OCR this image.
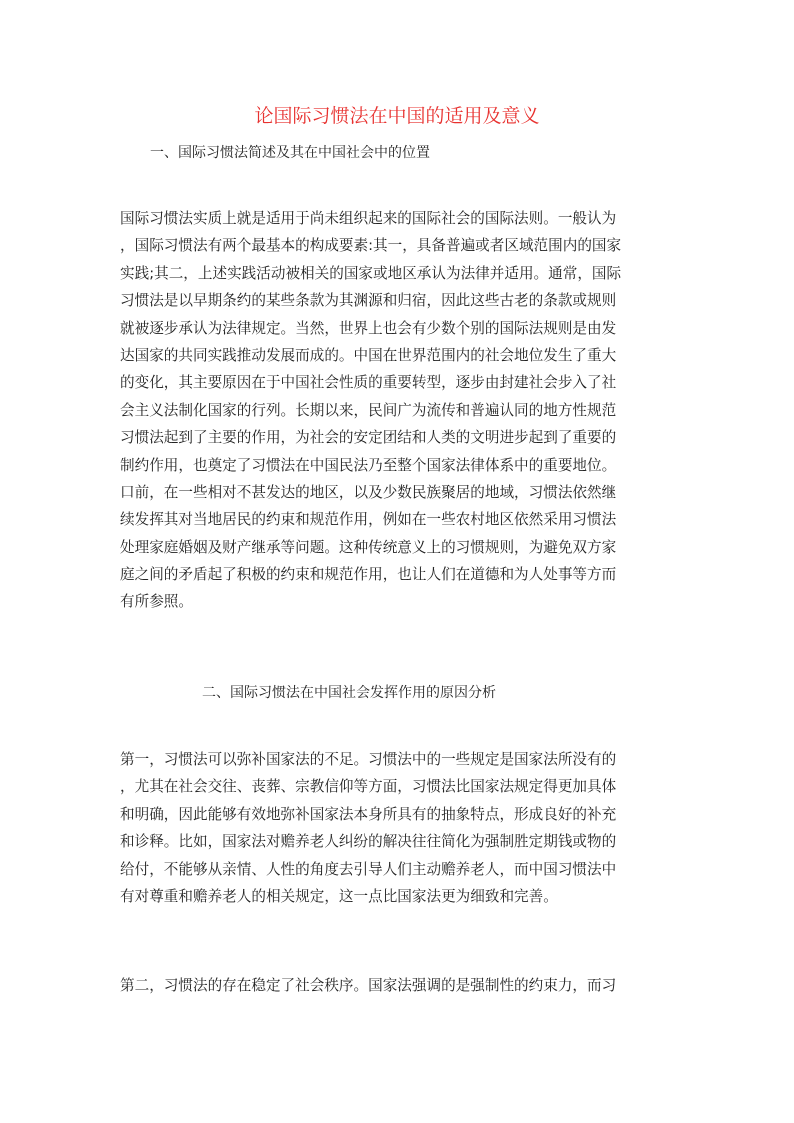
论国际习惯法在中国的适用及意义
一、国际习惯法简述及其在中国社会中的位置
国际习惯法实质上就是适用于尚未组织起来的国际社会的国际法则。一般认为
，国际习惯法有两个最基本的构成要素:其一，具备普遍或者区域范围内的国家
实践;其二，上述实践活动被相关的国家或地区承认为法律并适用。通常，国际
习惯法是以早期条约的某些条款为其渊源和归宿，因此这些古老的条款或规则
就被逐步承认为法律规定。当然，世界上也会有少数个别的国际法规则是由发
达国家的共同实践推动发展而成的。中国在世界范围内的社会地位发生了重大
的变化，其主要原因在于中国社会性质的重要转型，逐步由封建社会步入了社
会主义法制化国家的行列。长期以来，民间广为流传和普遍认同的地方性规范
习惯法起到了主要的作用，为社会的安定团结和人类的文明进步起到了重要的
制约作用，也奠定了习惯法在中国民法乃至整个国家法律体系中的重要地位。
口前，在一些相对不甚发达的地区，以及少数民族聚居的地域，习惯法依然继
续发挥其对当地居民的约束和规范作用，例如在一些农村地区依然采用习惯法
处理家庭婚姻及财产继承等问题。这种传统意义上的习惯规则，为避免双方家
庭之间的矛盾起了积极的约束和规范作用，也让人们在道德和为人处事等方而
有所参照。
二、国际习惯法在中国社会发挥作用的原因分析
第一，习惯法可以弥补国家法的不足。习惯法中的一些规定是国家法所没有的
，尤其在社会交往、丧葬、宗教信仰等方面，习惯法比国家法规定得更加具体
和明确，因此能够有效地弥补国家法本身所具有的抽象特点，形成良好的补充
和诊释。比如，国家法对赡养老人纠纷的解决往往简化为强制胜定期钱或物的
给付，不能够从亲情、人性的角度去引导人们主动赡养老人，而中国习惯法中
有对尊重和赡养老人的相关规定，这一点比国家法更为细致和完善。
第二，习惯法的存在稳定了社会秩序。国家法强调的是强制性的约束力，而习
